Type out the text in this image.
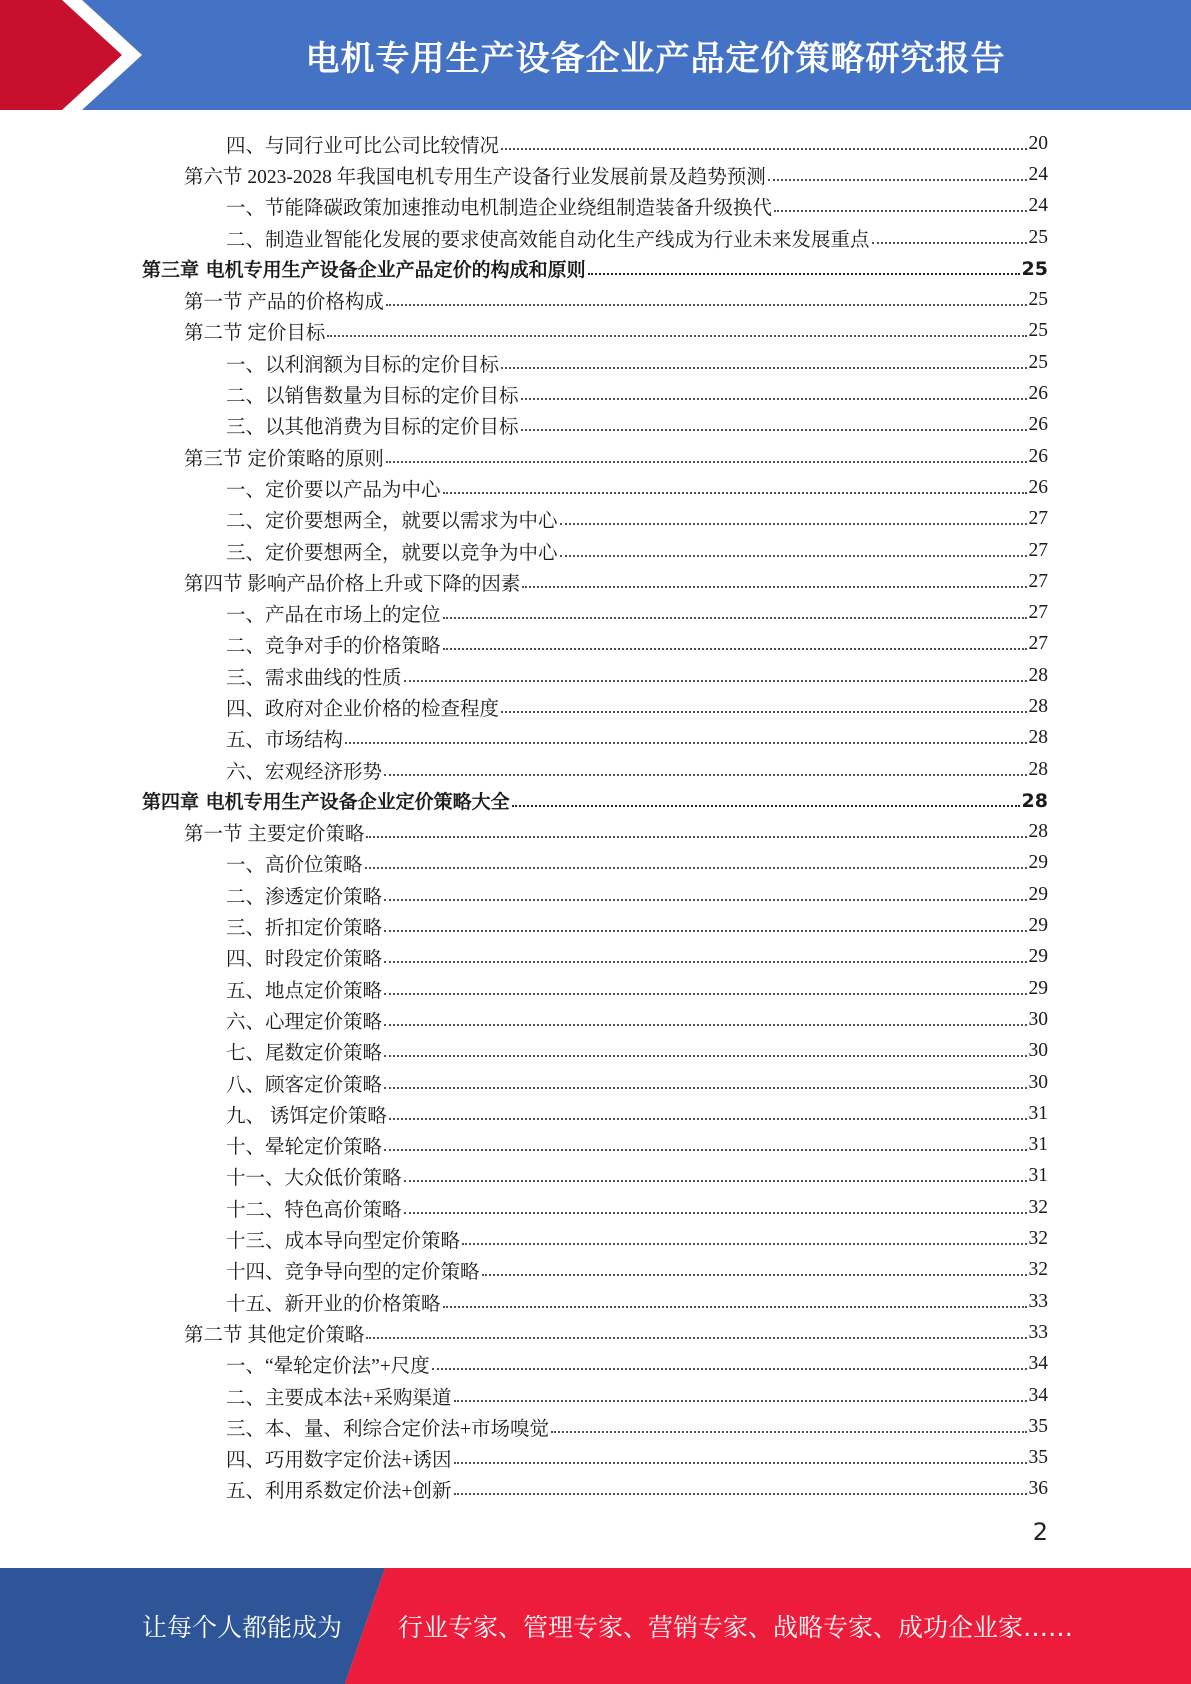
电机专用生产设备企业产品定价策略研究报告
四、与同行业可比公司比较情况	20
第六节 2023-2028 年我国电机专用生产设备行业发展前景及趋势预测	24
一、节能降碳政策加速推动电机制造企业绕组制造装备升级换代	24
二、制造业智能化发展的要求使高效能自动化生产线成为行业未来发展重点	25
第三章 电机专用生产设备企业产品定价的构成和原则	25
第一节 产品的价格构成	25
第二节 定价目标	25
一、以利润额为目标的定价目标	25
二、以销售数量为目标的定价目标	26
三、以其他消费为目标的定价目标	26
第三节 定价策略的原则	26
一、定价要以产品为中心	26
二、定价要想两全，就要以需求为中心	27
三、定价要想两全，就要以竞争为中心	27
第四节 影响产品价格上升或下降的因素	27
一、产品在市场上的定位	27
二、竞争对手的价格策略	27
三、需求曲线的性质	28
四、政府对企业价格的检查程度	28
五、市场结构	28
六、宏观经济形势	28
第四章 电机专用生产设备企业定价策略大全	28
第一节 主要定价策略	28
一、高价位策略	29
二、渗透定价策略	29
三、折扣定价策略	29
四、时段定价策略	29
五、地点定价策略	29
六、心理定价策略	30
七、尾数定价策略	30
八、顾客定价策略	30
九、 诱饵定价策略	31
十、晕轮定价策略	31
十一、大众低价策略	31
十二、特色高价策略	32
十三、成本导向型定价策略	32
十四、竞争导向型的定价策略	32
十五、新开业的价格策略	33
第二节 其他定价策略	33
一、“晕轮定价法”+尺度	34
二、主要成本法+采购渠道	34
三、本、量、利综合定价法+市场嗅觉	35
四、巧用数字定价法+诱因	35
五、利用系数定价法+创新	36
2
让每个人都能成为 行业专家、管理专家、营销专家、战略专家、成功企业家……
